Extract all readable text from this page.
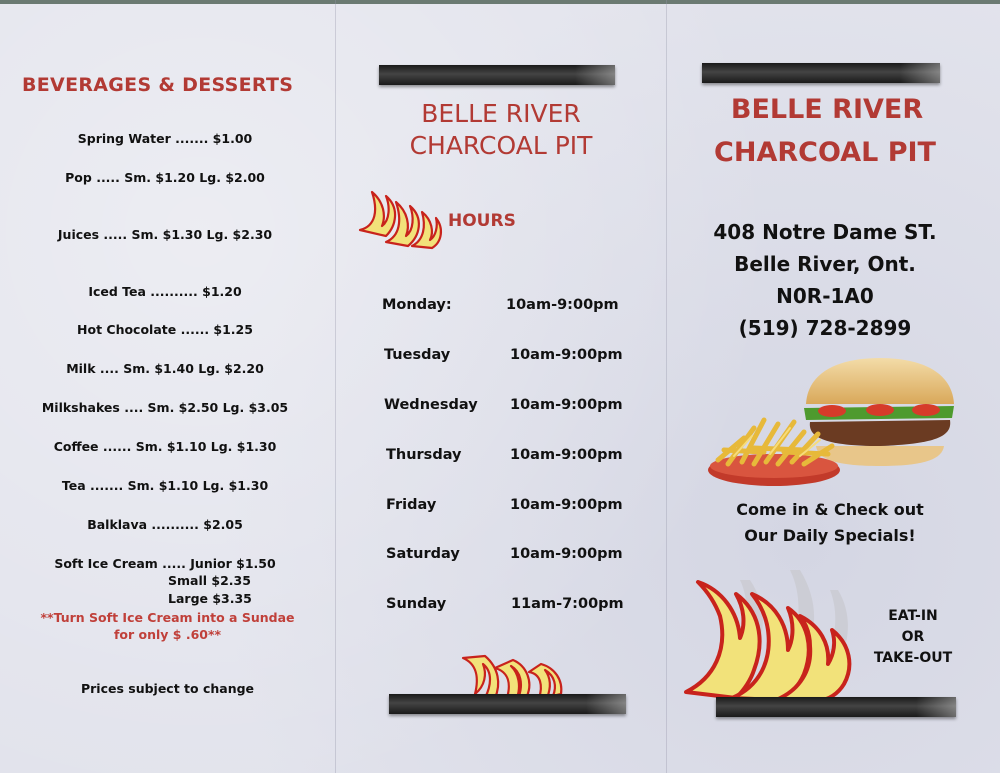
BEVERAGES & DESSERTS
Spring Water ....... $1.00
Pop ..... Sm. $1.20 Lg. $2.00
Juices ..... Sm. $1.30 Lg. $2.30
Iced Tea .......... $1.20
Hot Chocolate ...... $1.25
Milk .... Sm. $1.40 Lg. $2.20
Milkshakes .... Sm. $2.50 Lg. $3.05
Coffee ...... Sm. $1.10 Lg. $1.30
Tea ....... Sm. $1.10 Lg. $1.30
Balklava .......... $2.05
Soft Ice Cream ..... Junior $1.50
Small $2.35
Large $3.35
**Turn Soft Ice Cream into a Sundae
for only $ .60**
Prices subject to change
BELLE RIVER
CHARCOAL PIT
HOURS
Monday:	10am-9:00pm
Tuesday	10am-9:00pm
Wednesday 10am-9:00pm
Thursday	10am-9:00pm
Friday	10am-9:00pm
Saturday	10am-9:00pm
Sunday	11am-7:00pm
BELLE RIVER
CHARCOAL PIT
408 Notre Dame ST.
Belle River, Ont.
N0R-1A0
(519) 728-2899
Come in & Check out
Our Daily Specials!
EAT-IN
OR
TAKE-OUT
